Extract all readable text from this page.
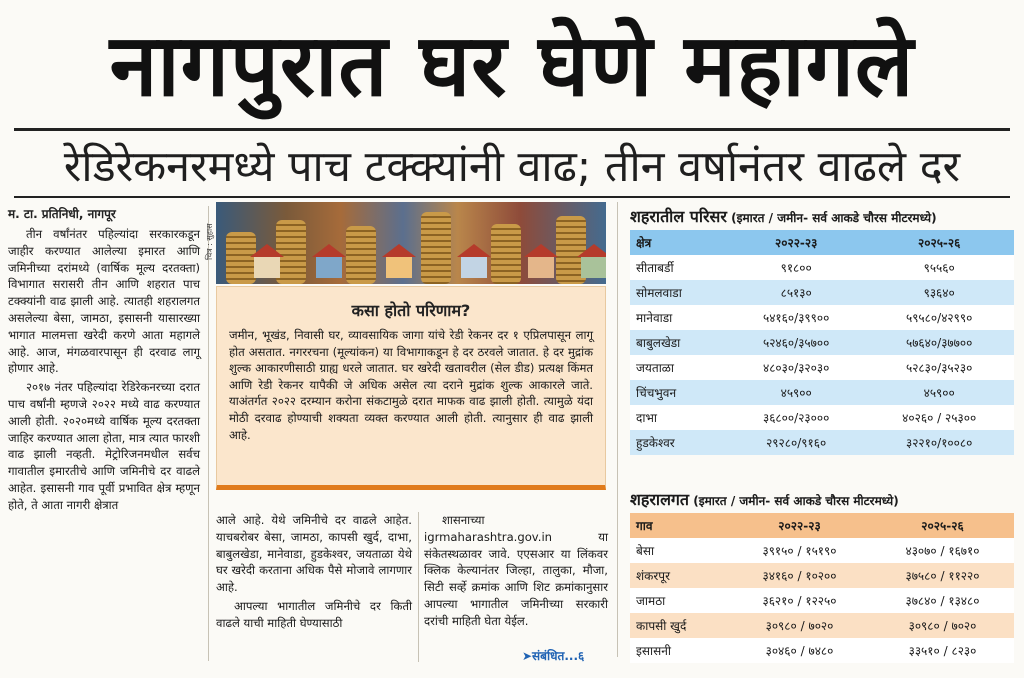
नागपुरात घर घेणे महागले
रेडिरेकनरमध्ये पाच टक्क्यांनी वाढ; तीन वर्षानंतर वाढले दर
म. टा. प्रतिनिधी, नागपूर

तीन वर्षांनंतर पहिल्यांदा सरकारकडून जाहीर करण्यात आलेल्या इमारत आणि जमिनीच्या दरांमध्ये (वार्षिक मूल्य दरतक्ता) विभागात सरासरी तीन आणि शहरात पाच टक्क्यांनी वाढ झाली आहे. त्यातही शहरालगत असलेल्या बेसा, जामठा, इसासनी यासारख्या भागात मालमत्ता खरेदी करणे आता महागले आहे. आज, मंगळवारपासून ही दरवाढ लागू होणार आहे.

२०१७ नंतर पहिल्यांदा रेडिरेकनरच्या दरात पाच वर्षांनी म्हणजे २०२२ मध्ये वाढ करण्यात आली होती. २०२०मध्ये वार्षिक मूल्य दरतक्ता जाहिर करण्यात आला होता, मात्र त्यात फारशी वाढ झाली नव्हती. मेट्रोरिजनमधील सर्वच गावातील इमारतीचे आणि जमिनीचे दर वाढले आहेत. इसासनी गाव पूर्वी प्रभावित क्षेत्र म्हणून होते, ते आता नागरी क्षेत्रात

चित्र : सुहास
कसा होतो परिणाम?
जमीन, भूखंड, निवासी घर, व्यावसायिक जागा यांचे रेडी रेकनर दर १ एप्रिलपासून लागू होत असतात. नगररचना (मूल्यांकन) या विभागाकडून हे दर ठरवले जातात. हे दर मुद्रांक शुल्क आकारणीसाठी ग्राह्य धरले जातात. घर खरेदी खतावरील (सेल डीड) प्रत्यक्ष किंमत आणि रेडी रेकनर यापैकी जे अधिक असेल त्या दराने मुद्रांक शुल्क आकारले जाते. याअंतर्गत २०२२ दरम्यान करोना संकटामुळे दरात माफक वाढ झाली होती. त्यामुळे यंदा मोठी दरवाढ होण्याची शक्यता व्यक्त करण्यात आली होती. त्यानुसार ही वाढ झाली आहे.

आले आहे. येथे जमिनीचे दर वाढले आहेत. याचबरोबर बेसा, जामठा, कापसी खुर्द, दाभा, बाबुलखेडा, मानेवाडा, हुडकेश्वर, जयताळा येथे घर खरेदी करताना अधिक पैसे मोजावे लागणार आहे.

आपल्या भागातील जमिनीचे दर किती वाढले याची माहिती घेण्यासाठी

शासनाच्या igrmaharashtra.gov.in या संकेतस्थळावर जावे. एएसआर या लिंकवर क्लिक केल्यानंतर जिल्हा, तालुका, मौजा, सिटी सर्व्हे क्रमांक आणि शिट क्रमांकानुसार आपल्या भागातील जमिनीच्या सरकारी दरांची माहिती घेता येईल.

➤संबंधित...६
शहरातील परिसर (इमारत / जमीन- सर्व आकडे चौरस मीटरमध्ये)
क्षेत्र	२०२२-२३	२०२५-२६
सीताबर्डी	९१८००	९५५६०
सोमलवाडा	८५१३०	९३६४०
मानेवाडा	५४१६०/३९९००	५९५८०/४२९९०
बाबुलखेडा	५२४६०/३५७००	५७६४०/३७७००
जयताळा	४८०३०/३२०३०	५२८३०/३५२३०
चिंचभुवन	४५९००	४५९००
दाभा	३६८००/२३०००	४०२६० / २५३००
हुडकेश्वर	२९२८०/९१६०	३२२१०/१००८०
शहरालगत (इमारत / जमीन- सर्व आकडे चौरस मीटरमध्ये)
गाव	२०२२-२३	२०२५-२६
बेसा	३९१५० / १५१९०	४३०७० / १६७१०
शंकरपूर	३४१६० / १०२००	३७५८० / ११२२०
जामठा	३६२१० / १२२५०	३७८४० / १३४८०
कापसी खुर्द	३०९८० / ७०२०	३०९८० / ७०२०
इसासनी	३०४६० / ७४८०	३३५१० / ८२३०
